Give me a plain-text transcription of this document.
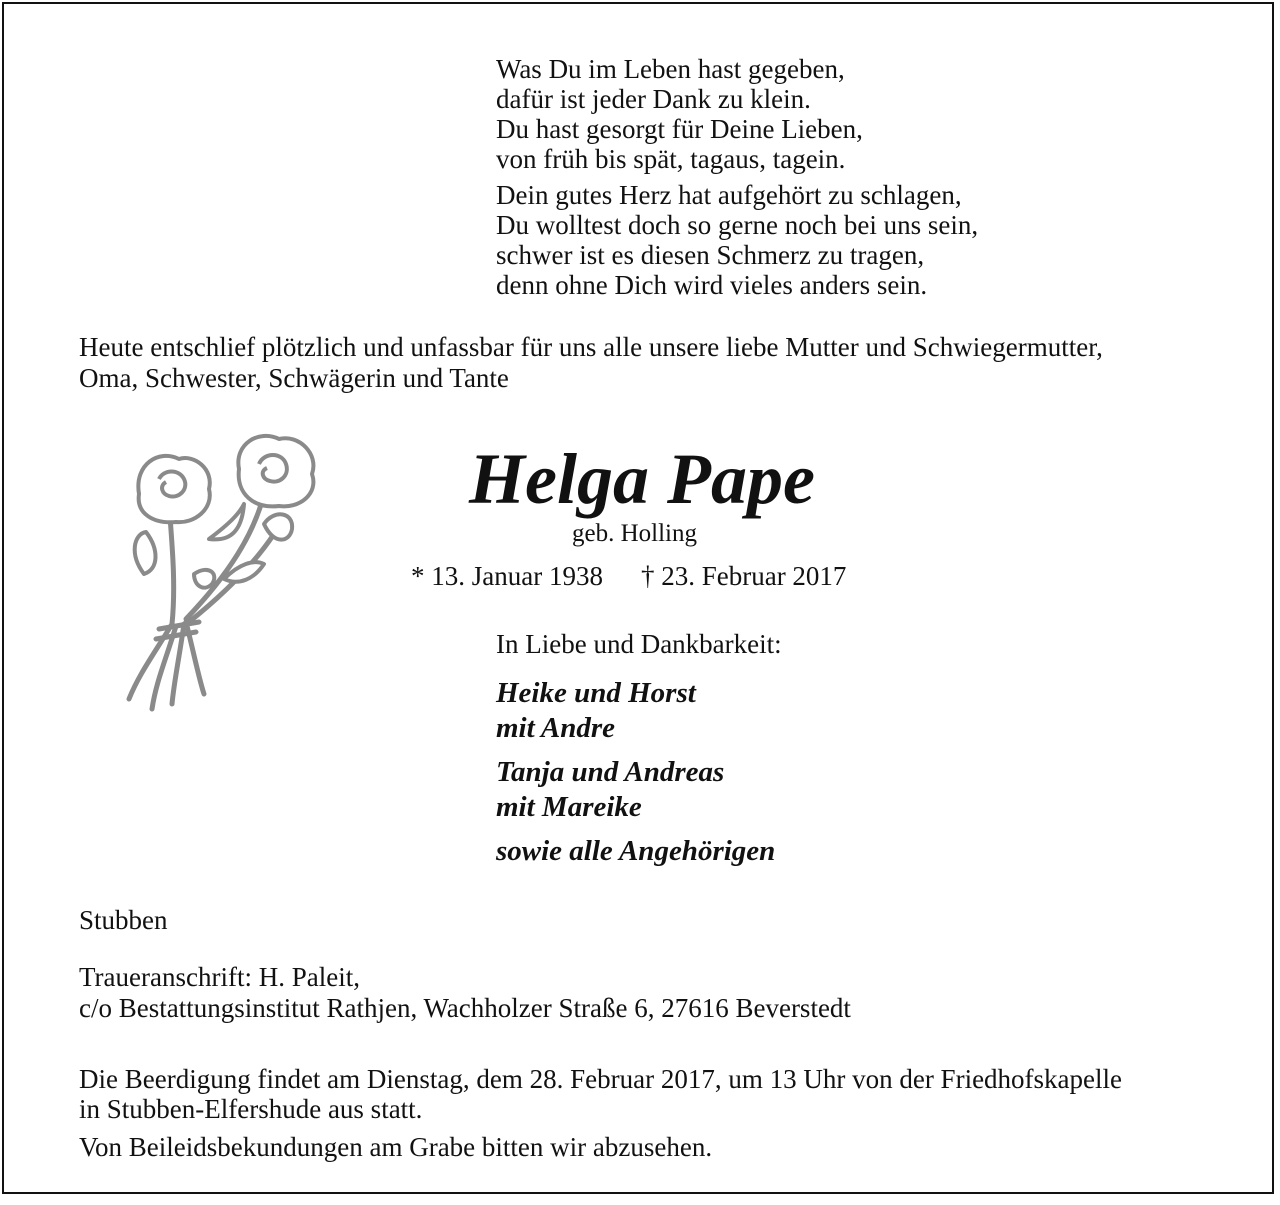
Was Du im Leben hast gegeben,
dafür ist jeder Dank zu klein.
Du hast gesorgt für Deine Lieben,
von früh bis spät, tagaus, tagein.
Dein gutes Herz hat aufgehört zu schlagen,
Du wolltest doch so gerne noch bei uns sein,
schwer ist es diesen Schmerz zu tragen,
denn ohne Dich wird vieles anders sein.
Heute entschlief plötzlich und unfassbar für uns alle unsere liebe Mutter und Schwiegermutter,
Oma, Schwester, Schwägerin und Tante
Helga Pape
geb. Holling
* 13. Januar 1938 † 23. Februar 2017
In Liebe und Dankbarkeit:
Heike und Horst
mit Andre
Tanja und Andreas
mit Mareike
sowie alle Angehörigen
Stubben
Traueranschrift: H. Paleit,
c/o Bestattungsinstitut Rathjen, Wachholzer Straße 6, 27616 Beverstedt
Die Beerdigung findet am Dienstag, dem 28. Februar 2017, um 13 Uhr von der Friedhofskapelle
in Stubben-Elfershude aus statt.
Von Beileidsbekundungen am Grabe bitten wir abzusehen.
